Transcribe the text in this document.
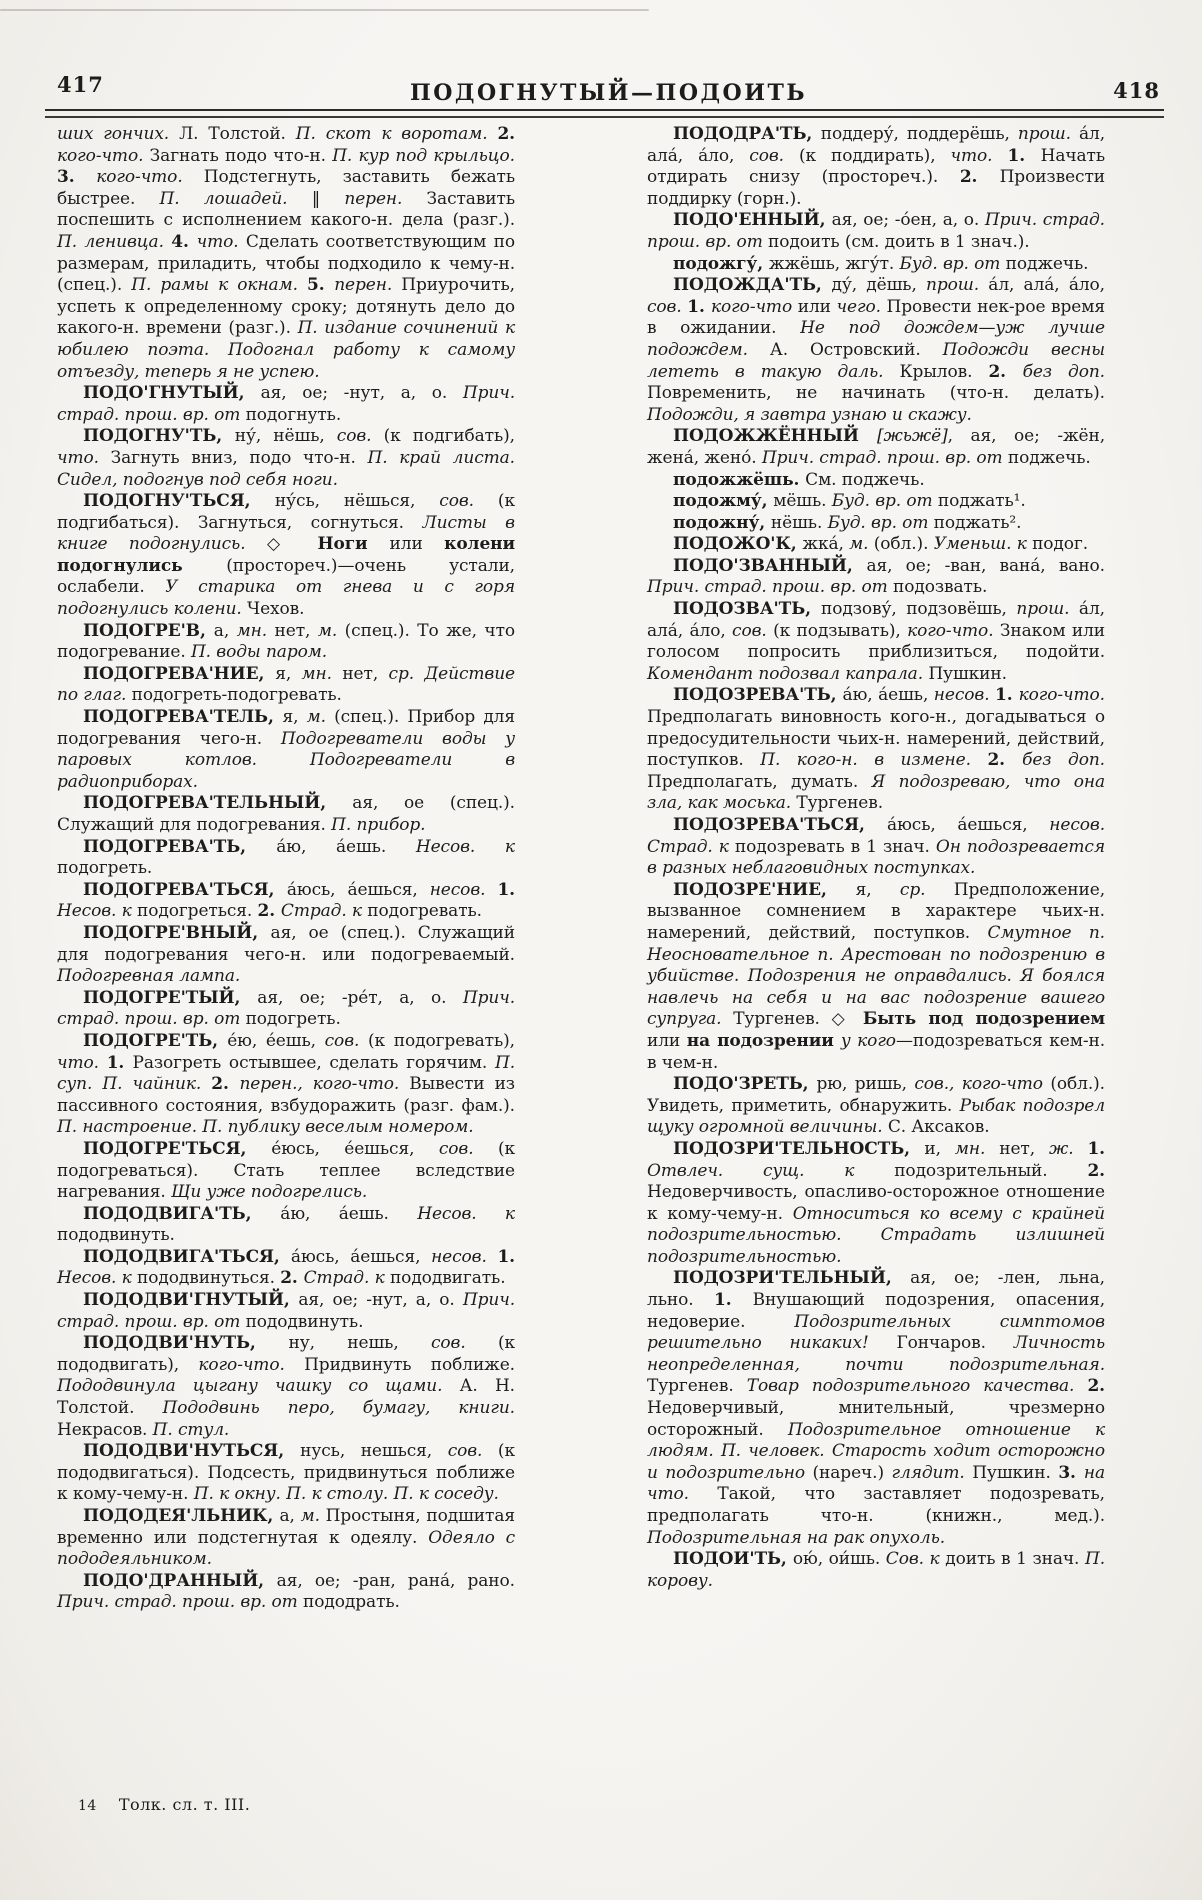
417	ПОДОГНУТЫЙ—ПОДОИТЬ	418

ших гончих. Л. Толстой. П. скот к воротам. 2. кого-что. Загнать подо что-н. П. кур под крыльцо. 3. кого-что. Подстегнуть, заставить бежать быстрее. П. лошадей. ‖ перен. Заставить поспешить с исполнением какого-н. дела (разг.). П. ленивца. 4. что. Сделать соответствующим по размерам, приладить, чтобы подходило к чему-н. (спец.). П. рамы к окнам. 5. перен. Приурочить, успеть к определенному сроку; дотянуть дело до какого-н. времени (разг.). П. издание сочинений к юбилею поэта. Подогнал работу к самому отъезду, теперь я не успею.

ПОДО'ГНУТЫЙ, ая, ое; -нут, а, о. Прич. страд. прош. вр. от подогнуть.

ПОДОГНУ'ТЬ, ну́, нёшь, сов. (к подгибать), что. Загнуть вниз, подо что-н. П. край листа. Сидел, подогнув под себя ноги.

ПОДОГНУ'ТЬСЯ, ну́сь, нёшься, сов. (к подгибаться). Загнуться, согнуться. Листы в книге подогнулись. ◇ Ноги или колени подогнулись (простореч.)—очень устали, ослабели. У старика от гнева и с горя подогнулись колени. Чехов.

ПОДОГРЕ'В, а, мн. нет, м. (спец.). То же, что подогревание. П. воды паром.

ПОДОГРЕВА'НИЕ, я, мн. нет, ср. Действие по глаг. подогреть-подогревать.

ПОДОГРЕВА'ТЕЛЬ, я, м. (спец.). Прибор для подогревания чего-н. Подогреватели воды у паровых котлов. Подогреватели в радиоприборах.

ПОДОГРЕВА'ТЕЛЬНЫЙ, ая, ое (спец.). Служащий для подогревания. П. прибор.

ПОДОГРЕВА'ТЬ, а́ю, а́ешь. Несов. к подогреть.

ПОДОГРЕВА'ТЬСЯ, а́юсь, а́ешься, несов. 1. Несов. к подогреться. 2. Страд. к подогревать.

ПОДОГРЕ'ВНЫЙ, ая, ое (спец.). Служащий для подогревания чего-н. или подогреваемый. Подогревная лампа.

ПОДОГРЕ'ТЫЙ, ая, ое; -ре́т, а, о. Прич. страд. прош. вр. от подогреть.

ПОДОГРЕ'ТЬ, е́ю, е́ешь, сов. (к подогревать), что. 1. Разогреть остывшее, сделать горячим. П. суп. П. чайник. 2. перен., кого-что. Вывести из пассивного состояния, взбудоражить (разг. фам.). П. настроение. П. публику веселым номером.

ПОДОГРЕ'ТЬСЯ, е́юсь, е́ешься, сов. (к подогреваться). Стать теплее вследствие нагревания. Щи уже подогрелись.

ПОДОДВИГА'ТЬ, а́ю, а́ешь. Несов. к пододвинуть.

ПОДОДВИГА'ТЬСЯ, а́юсь, а́ешься, несов. 1. Несов. к пододвинуться. 2. Страд. к пододвигать.

ПОДОДВИ'ГНУТЫЙ, ая, ое; -нут, а, о. Прич. страд. прош. вр. от пододвинуть.

ПОДОДВИ'НУТЬ, ну, нешь, сов. (к пододвигать), кого-что. Придвинуть поближе. Пододвинула цыгану чашку со щами. А. Н. Толстой. Пододвинь перо, бумагу, книги. Некрасов. П. стул.

ПОДОДВИ'НУТЬСЯ, нусь, нешься, сов. (к пододвигаться). Подсесть, придвинуться поближе к кому-чему-н. П. к окну. П. к столу. П. к соседу.

ПОДОДЕЯ'ЛЬНИК, а, м. Простыня, подшитая временно или подстегнутая к одеялу. Одеяло с пододеяльником.

ПОДО'ДРАННЫЙ, ая, ое; -ран, рана́, рано. Прич. страд. прош. вр. от пододрать.

ПОДОДРА'ТЬ, поддеру́, поддерёшь, прош. а́л, ала́, а́ло, сов. (к поддирать), что. 1. Начать отдирать снизу (простореч.). 2. Произвести поддирку (горн.).

ПОДО'ЕННЫЙ, ая, ое; -о́ен, а, о. Прич. страд. прош. вр. от подоить (см. доить в 1 знач.).

подожгу́, жжёшь, жгу́т. Буд. вр. от поджечь.

ПОДОЖДА'ТЬ, ду́, дёшь, прош. а́л, ала́, а́ло, сов. 1. кого-что или чего. Провести нек-рое время в ожидании. Не под дождем—уж лучше подождем. А. Островский. Подожди весны лететь в такую даль. Крылов. 2. без доп. Повременить, не начинать (что-н. делать). Подожди, я завтра узнаю и скажу.

ПОДОЖЖЁННЫЙ [жьжё], ая, ое; -жён, жена́, жено́. Прич. страд. прош. вр. от поджечь.

подожжёшь. См. поджечь.

подожму́, мёшь. Буд. вр. от поджать¹.

подожну́, нёшь. Буд. вр. от поджать².

ПОДОЖО'К, жка́, м. (обл.). Уменьш. к подог.

ПОДО'ЗВАННЫЙ, ая, ое; -ван, вана́, вано. Прич. страд. прош. вр. от подозвать.

ПОДОЗВА'ТЬ, подзову́, подзовёшь, прош. а́л, ала́, а́ло, сов. (к подзывать), кого-что. Знаком или голосом попросить приблизиться, подойти. Комендант подозвал капрала. Пушкин.

ПОДОЗРЕВА'ТЬ, а́ю, а́ешь, несов. 1. кого-что. Предполагать виновность кого-н., догадываться о предосудительности чьих-н. намерений, действий, поступков. П. кого-н. в измене. 2. без доп. Предполагать, думать. Я подозреваю, что она зла, как моська. Тургенев.

ПОДОЗРЕВА'ТЬСЯ, а́юсь, а́ешься, несов. Страд. к подозревать в 1 знач. Он подозревается в разных неблаговидных поступках.

ПОДОЗРЕ'НИЕ, я, ср. Предположение, вызванное сомнением в характере чьих-н. намерений, действий, поступков. Смутное п. Неосновательное п. Арестован по подозрению в убийстве. Подозрения не оправдались. Я боялся навлечь на себя и на вас подозрение вашего супруга. Тургенев. ◇ Быть под подозрением или на подозрении у кого—подозреваться кем-н. в чем-н.

ПОДО'ЗРЕТЬ, рю, ришь, сов., кого-что (обл.). Увидеть, приметить, обнаружить. Рыбак подозрел щуку огромной величины. С. Аксаков.

ПОДОЗРИ'ТЕЛЬНОСТЬ, и, мн. нет, ж. 1. Отвлеч. сущ. к подозрительный. 2. Недоверчивость, опасливо-осторожное отношение к кому-чему-н. Относиться ко всему с крайней подозрительностью. Страдать излишней подозрительностью.

ПОДОЗРИ'ТЕЛЬНЫЙ, ая, ое; -лен, льна, льно. 1. Внушающий подозрения, опасения, недоверие. Подозрительных симптомов решительно никаких! Гончаров. Личность неопределенная, почти подозрительная. Тургенев. Товар подозрительного качества. 2. Недоверчивый, мнительный, чрезмерно осторожный. Подозрительное отношение к людям. П. человек. Старость ходит осторожно и подозрительно (нареч.) глядит. Пушкин. 3. на что. Такой, что заставляет подозревать, предполагать что-н. (книжн., мед.). Подозрительная на рак опухоль.

ПОДОИ'ТЬ, ою́, ои́шь. Сов. к доить в 1 знач. П. корову.

14 Толк. сл. т. III.
